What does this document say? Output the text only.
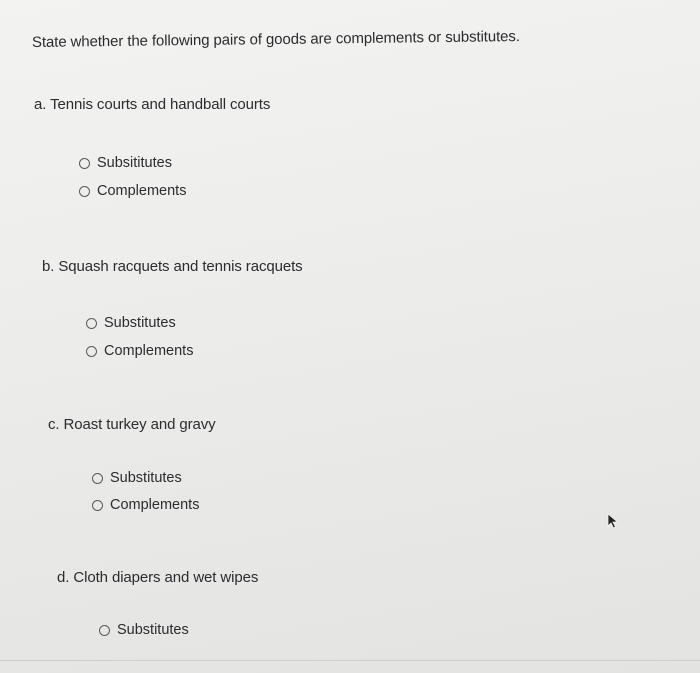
State whether the following pairs of goods are complements or substitutes.
a. Tennis courts and handball courts
Subsititutes
Complements
b. Squash racquets and tennis racquets
Substitutes
Complements
c. Roast turkey and gravy
Substitutes
Complements
d. Cloth diapers and wet wipes
Substitutes
